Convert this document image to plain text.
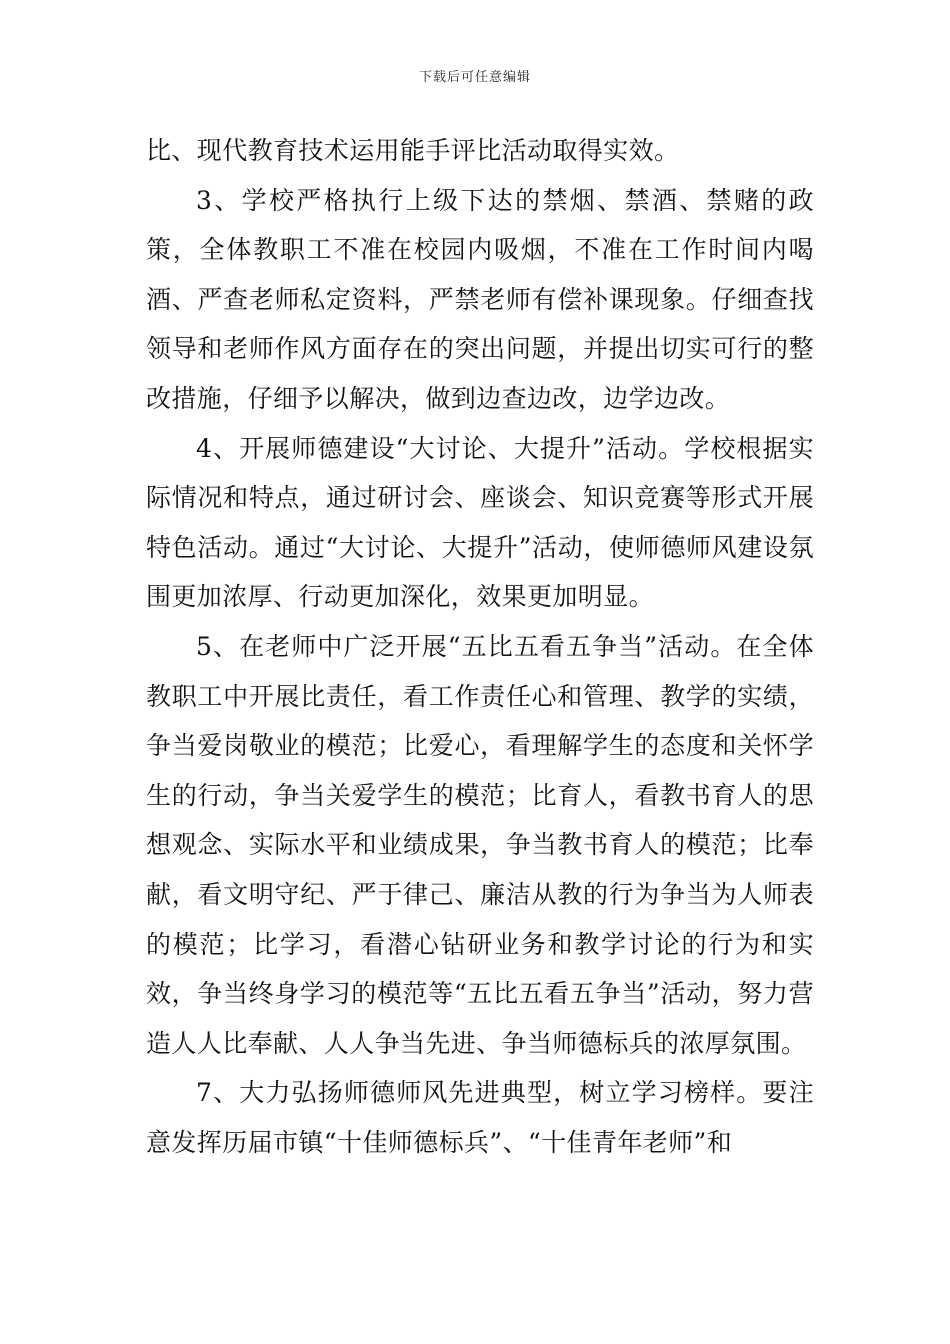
下载后可任意编辑

比、现代教育技术运用能手评比活动取得实效。

3、学校严格执行上级下达的禁烟、禁酒、禁赌的政策，全体教职工不准在校园内吸烟，不准在工作时间内喝酒、严查老师私定资料，严禁老师有偿补课现象。仔细查找领导和老师作风方面存在的突出问题，并提出切实可行的整改措施，仔细予以解决，做到边查边改，边学边改。

4、开展师德建设“大讨论、大提升”活动。学校根据实际情况和特点，通过研讨会、座谈会、知识竞赛等形式开展特色活动。通过“大讨论、大提升”活动，使师德师风建设氛围更加浓厚、行动更加深化，效果更加明显。

5、在老师中广泛开展“五比五看五争当”活动。在全体教职工中开展比责任，看工作责任心和管理、教学的实绩，争当爱岗敬业的模范；比爱心，看理解学生的态度和关怀学生的行动，争当关爱学生的模范；比育人，看教书育人的思想观念、实际水平和业绩成果，争当教书育人的模范；比奉献，看文明守纪、严于律己、廉洁从教的行为争当为人师表的模范；比学习，看潜心钻研业务和教学讨论的行为和实效，争当终身学习的模范等“五比五看五争当”活动，努力营造人人比奉献、人人争当先进、争当师德标兵的浓厚氛围。

7、大力弘扬师德师风先进典型，树立学习榜样。要注意发挥历届市镇“十佳师德标兵”、“十佳青年老师”和
